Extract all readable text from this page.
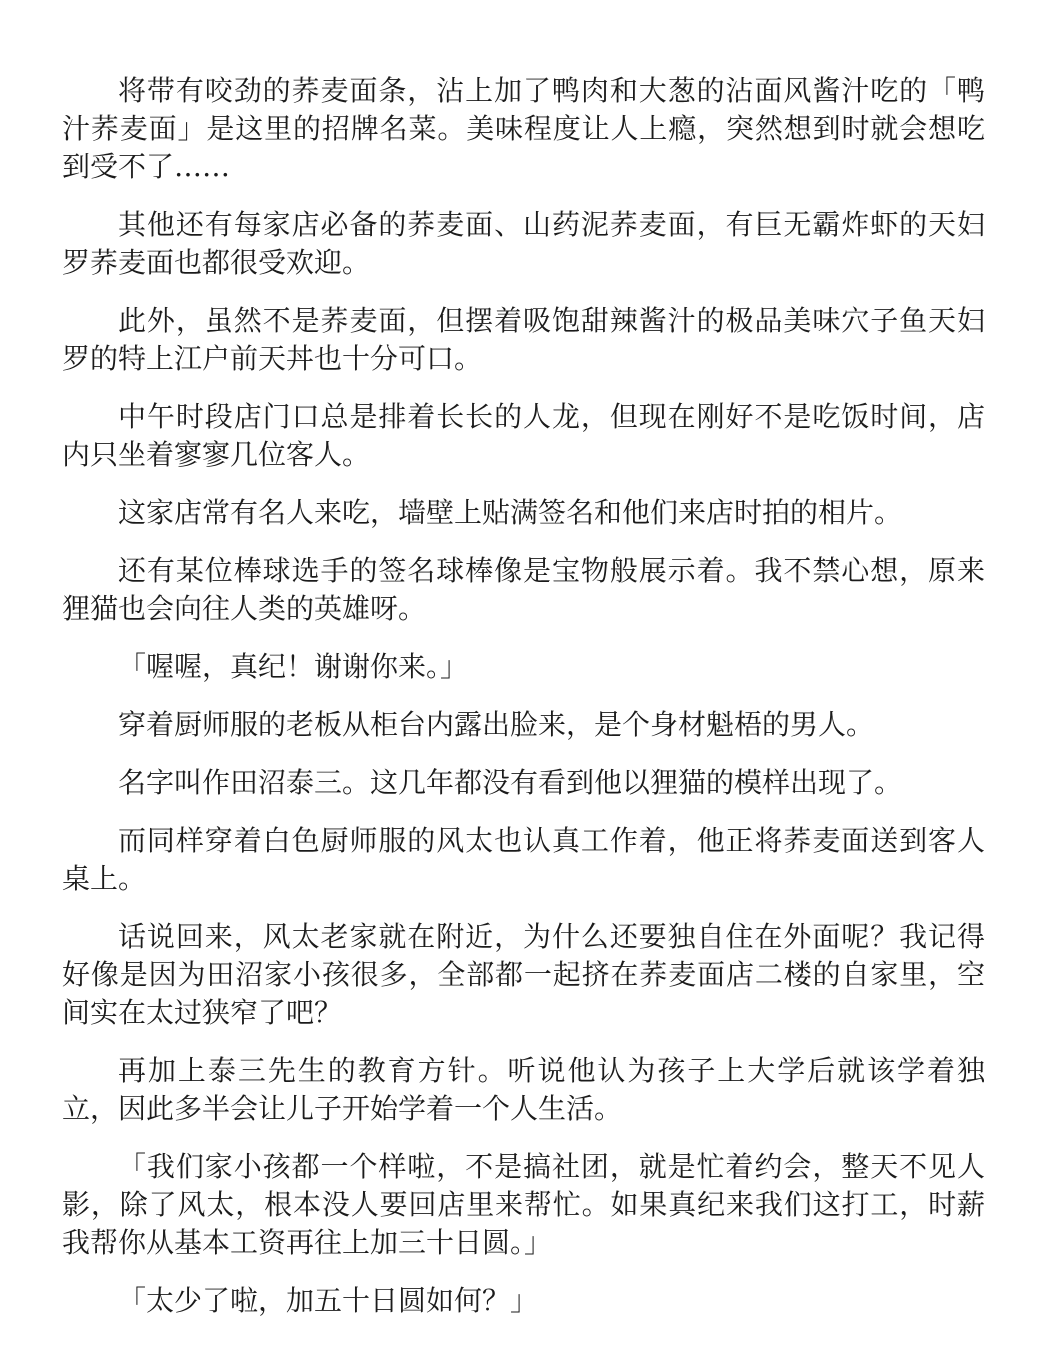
将带有咬劲的荞麦面条，沾上加了鸭肉和大葱的沾面风酱汁吃的「鸭汁荞麦面」是这里的招牌名菜。美味程度让人上瘾，突然想到时就会想吃到受不了……

其他还有每家店必备的荞麦面、山药泥荞麦面，有巨无霸炸虾的天妇罗荞麦面也都很受欢迎。

此外，虽然不是荞麦面，但摆着吸饱甜辣酱汁的极品美味穴子鱼天妇罗的特上江户前天丼也十分可口。

中午时段店门口总是排着长长的人龙，但现在刚好不是吃饭时间，店内只坐着寥寥几位客人。

这家店常有名人来吃，墙壁上贴满签名和他们来店时拍的相片。

还有某位棒球选手的签名球棒像是宝物般展示着。我不禁心想，原来狸猫也会向往人类的英雄呀。

「喔喔，真纪！谢谢你来。」

穿着厨师服的老板从柜台内露出脸来，是个身材魁梧的男人。

名字叫作田沼泰三。这几年都没有看到他以狸猫的模样出现了。

而同样穿着白色厨师服的风太也认真工作着，他正将荞麦面送到客人桌上。

话说回来，风太老家就在附近，为什么还要独自住在外面呢？我记得好像是因为田沼家小孩很多，全部都一起挤在荞麦面店二楼的自家里，空间实在太过狭窄了吧？

再加上泰三先生的教育方针。听说他认为孩子上大学后就该学着独立，因此多半会让儿子开始学着一个人生活。

「我们家小孩都一个样啦，不是搞社团，就是忙着约会，整天不见人影，除了风太，根本没人要回店里来帮忙。如果真纪来我们这打工，时薪我帮你从基本工资再往上加三十日圆。」

「太少了啦，加五十日圆如何？」
